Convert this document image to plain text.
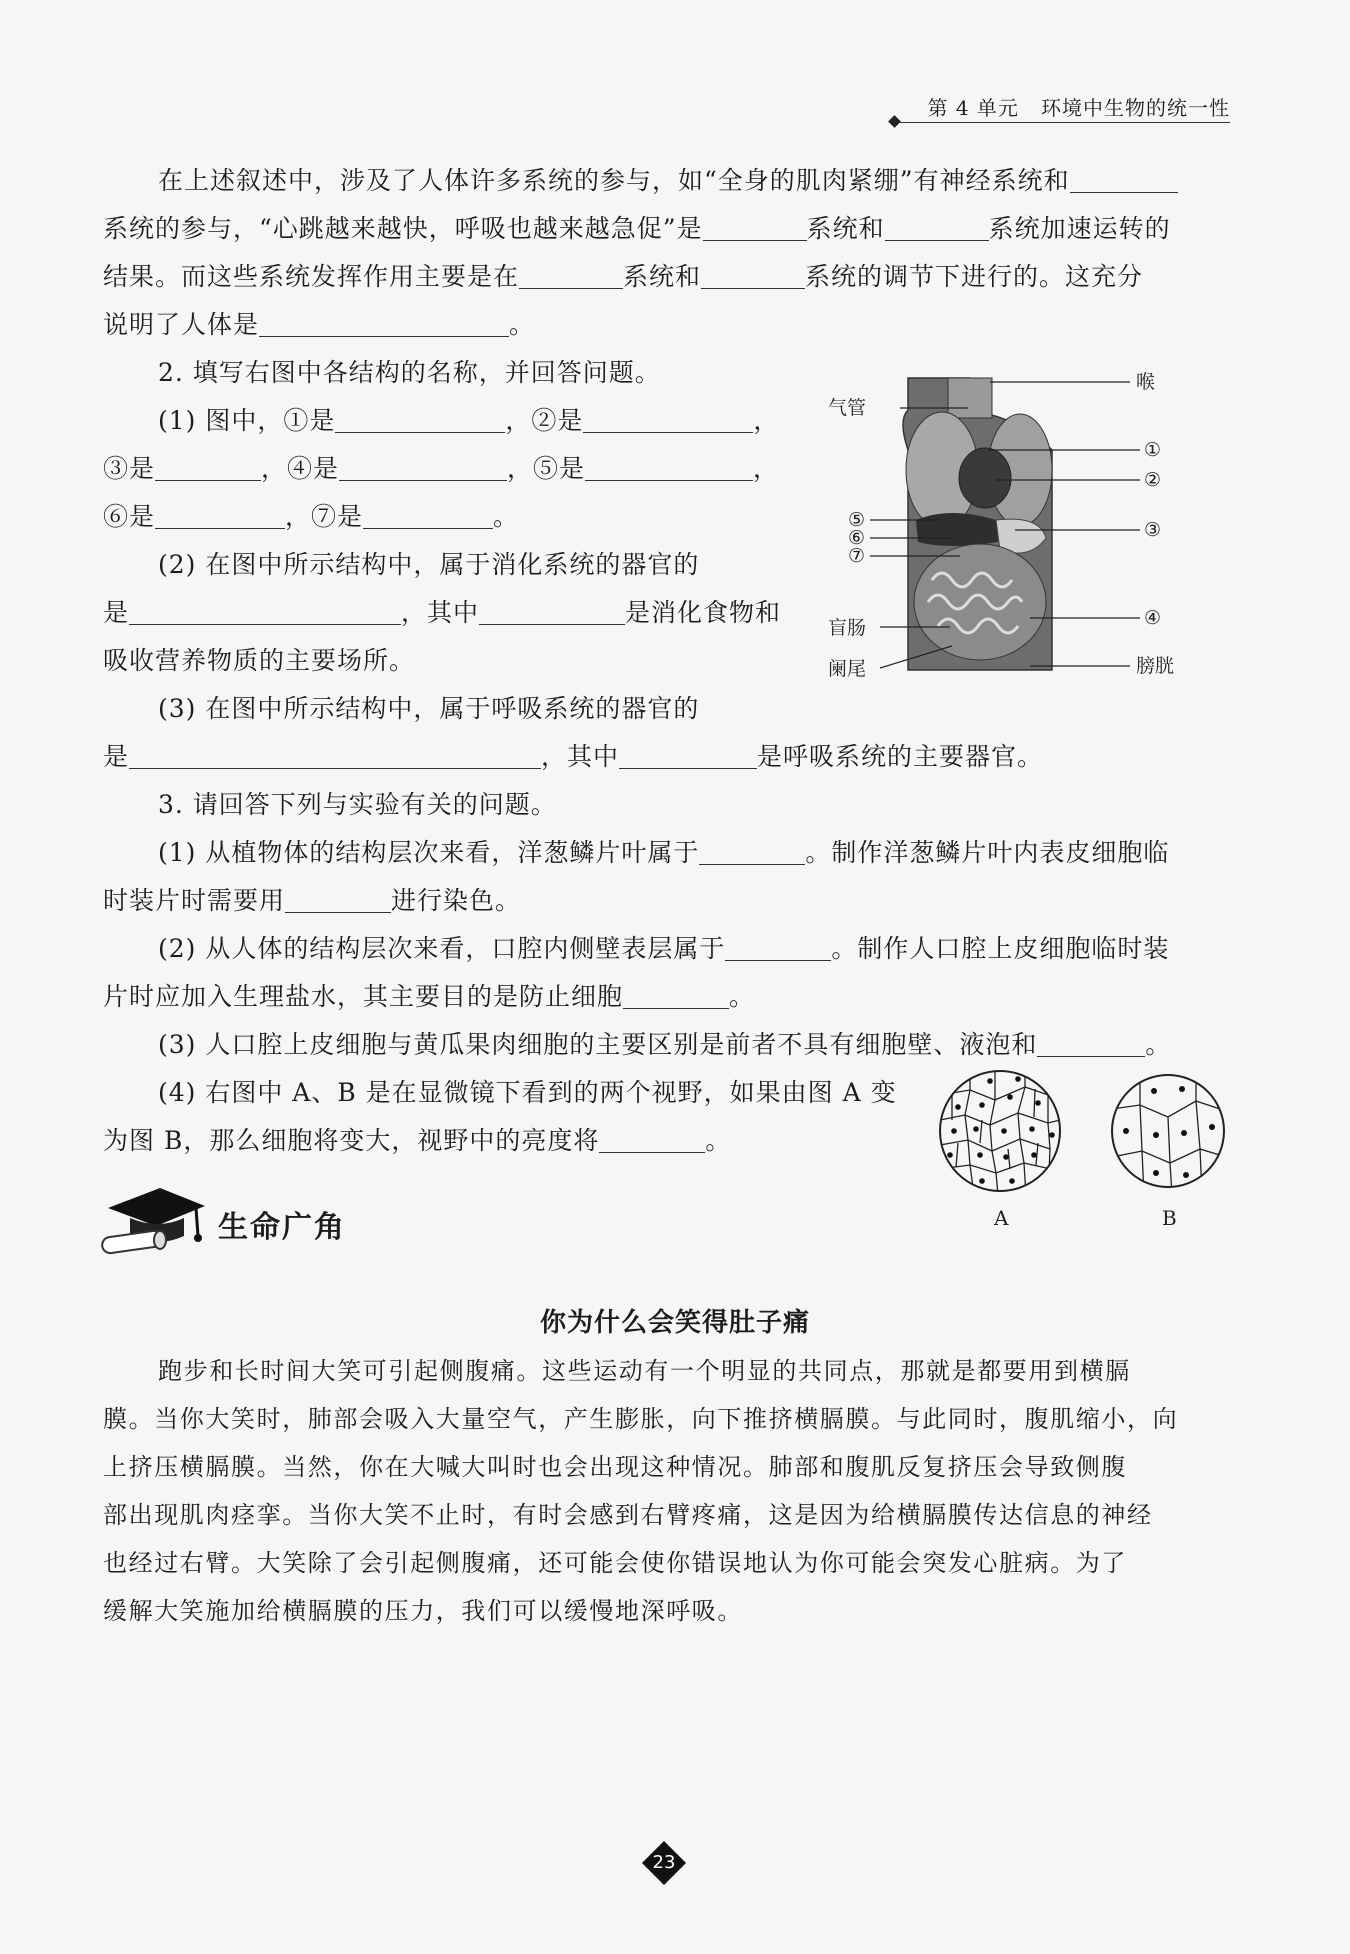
第 4 单元 环境中生物的统一性
在上述叙述中，涉及了人体许多系统的参与，如“全身的肌肉紧绷”有神经系统和
系统的参与，“心跳越来越快，呼吸也越来越急促”是	系统和	系统加速运转的
结果。而这些系统发挥作用主要是在	系统和	系统的调节下进行的。这充分
说明了人体是	。
2. 填写右图中各结构的名称，并回答问题。
(1) 图中，①是	，②是	，
③是	，④是	，⑤是	，
⑥是	，⑦是	。
(2) 在图中所示结构中，属于消化系统的器官的
是	，其中	是消化食物和
吸收营养物质的主要场所。
(3) 在图中所示结构中，属于呼吸系统的器官的
是	，其中	是呼吸系统的主要器官。
喉
气管
①
②
③
④
⑤
⑥
⑦
盲肠
阑尾	膀胱
3. 请回答下列与实验有关的问题。
(1) 从植物体的结构层次来看，洋葱鳞片叶属于	。制作洋葱鳞片叶内表皮细胞临
时装片时需要用	进行染色。
(2) 从人体的结构层次来看，口腔内侧壁表层属于	。制作人口腔上皮细胞临时装
片时应加入生理盐水，其主要目的是防止细胞	。
(3) 人口腔上皮细胞与黄瓜果肉细胞的主要区别是前者不具有细胞壁、液泡和	。
(4) 右图中 A、B 是在显微镜下看到的两个视野，如果由图 A 变
为图 B，那么细胞将变大，视野中的亮度将	。
A	B
生命广角
你为什么会笑得肚子痛
跑步和长时间大笑可引起侧腹痛。这些运动有一个明显的共同点，那就是都要用到横膈
膜。当你大笑时，肺部会吸入大量空气，产生膨胀，向下推挤横膈膜。与此同时，腹肌缩小，向
上挤压横膈膜。当然，你在大喊大叫时也会出现这种情况。肺部和腹肌反复挤压会导致侧腹
部出现肌肉痉挛。当你大笑不止时，有时会感到右臂疼痛，这是因为给横膈膜传达信息的神经
也经过右臂。大笑除了会引起侧腹痛，还可能会使你错误地认为你可能会突发心脏病。为了
缓解大笑施加给横膈膜的压力，我们可以缓慢地深呼吸。
23
